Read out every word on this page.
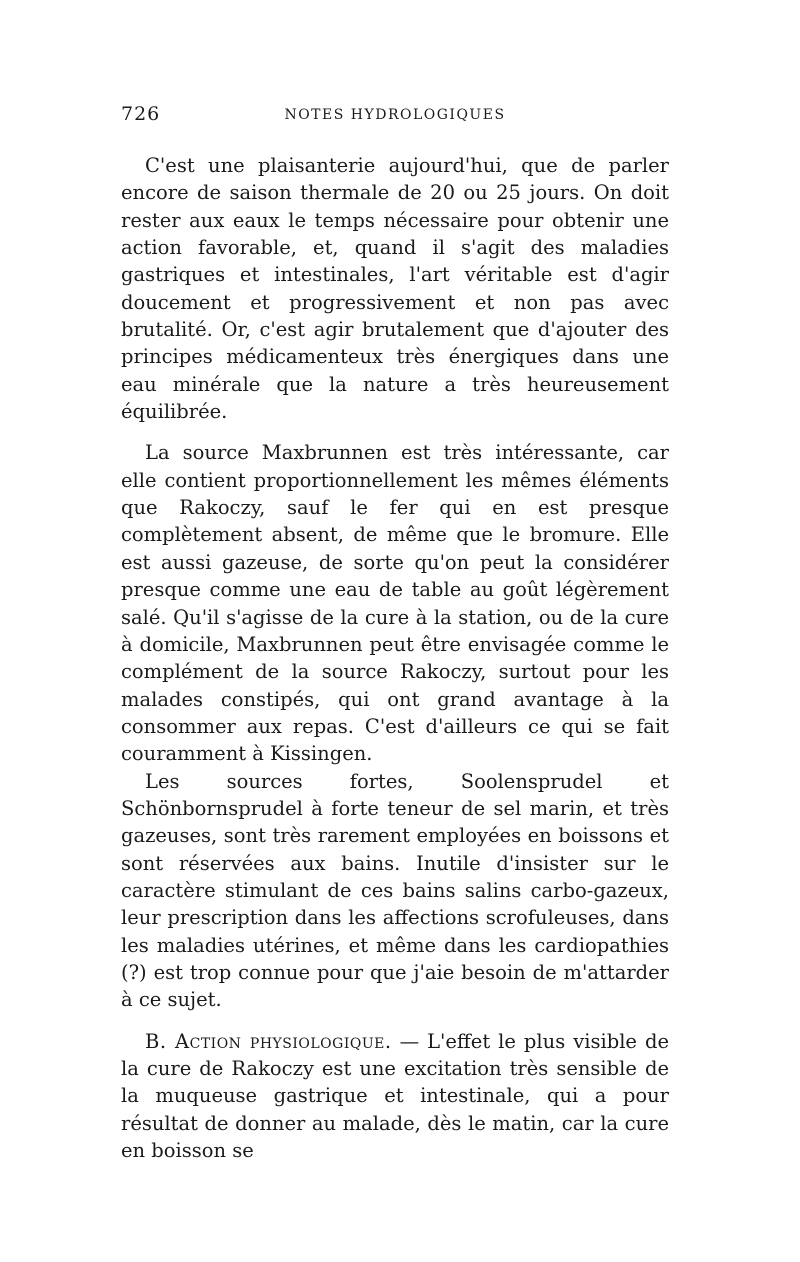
726	NOTES HYDROLOGIQUES

C'est une plaisanterie aujourd'hui, que de parler encore de saison thermale de 20 ou 25 jours. On doit rester aux eaux le temps nécessaire pour obtenir une action favorable, et, quand il s'agit des maladies gastriques et intestinales, l'art véritable est d'agir doucement et progressivement et non pas avec brutalité. Or, c'est agir brutalement que d'ajouter des principes médicamenteux très énergiques dans une eau minérale que la nature a très heureusement équilibrée.

La source Maxbrunnen est très intéressante, car elle contient proportionnellement les mêmes éléments que Rakoczy, sauf le fer qui en est presque complètement absent, de même que le bromure. Elle est aussi gazeuse, de sorte qu'on peut la considérer presque comme une eau de table au goût légèrement salé. Qu'il s'agisse de la cure à la station, ou de la cure à domicile, Maxbrunnen peut être envisagée comme le complément de la source Rakoczy, surtout pour les malades constipés, qui ont grand avantage à la consommer aux repas. C'est d'ailleurs ce qui se fait couramment à Kissingen.

Les sources fortes, Soolensprudel et Schönbornsprudel à forte teneur de sel marin, et très gazeuses, sont très rarement employées en boissons et sont réservées aux bains. Inutile d'insister sur le caractère stimulant de ces bains salins carbo-gazeux, leur prescription dans les affections scrofuleuses, dans les maladies utérines, et même dans les cardiopathies (?) est trop connue pour que j'aie besoin de m'attarder à ce sujet.

B. Action physiologique. — L'effet le plus visible de la cure de Rakoczy est une excitation très sensible de la muqueuse gastrique et intestinale, qui a pour résultat de donner au malade, dès le matin, car la cure en boisson se
